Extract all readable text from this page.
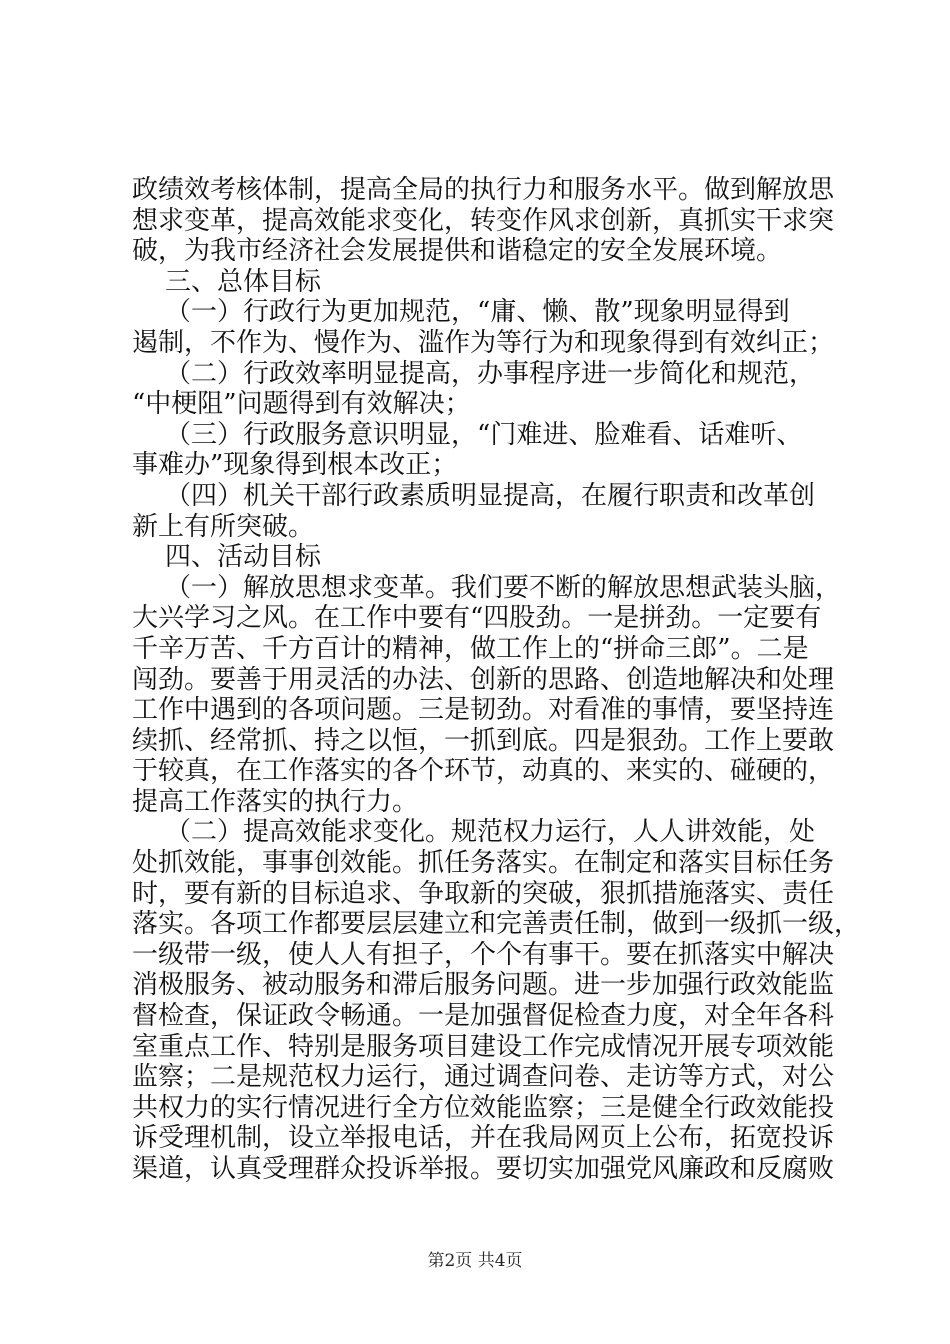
政绩效考核体制，提高全局的执行力和服务水平。做到解放思
想求变革，提高效能求变化，转变作风求创新，真抓实干求突
破，为我市经济社会发展提供和谐稳定的安全发展环境。
三、总体目标
（一）行政行为更加规范，“庸、懒、散”现象明显得到
遏制，不作为、慢作为、滥作为等行为和现象得到有效纠正；
（二）行政效率明显提高，办事程序进一步简化和规范，
“中梗阻”问题得到有效解决；
（三）行政服务意识明显，“门难进、脸难看、话难听、
事难办”现象得到根本改正；
（四）机关干部行政素质明显提高，在履行职责和改革创
新上有所突破。
四、活动目标
（一）解放思想求变革。我们要不断的解放思想武装头脑，
大兴学习之风。在工作中要有“四股劲。一是拼劲。一定要有
千辛万苦、千方百计的精神，做工作上的“拼命三郎”。二是
闯劲。要善于用灵活的办法、创新的思路、创造地解决和处理
工作中遇到的各项问题。三是韧劲。对看准的事情，要坚持连
续抓、经常抓、持之以恒，一抓到底。四是狠劲。工作上要敢
于较真，在工作落实的各个环节，动真的、来实的、碰硬的，
提高工作落实的执行力。
（二）提高效能求变化。规范权力运行，人人讲效能，处
处抓效能，事事创效能。抓任务落实。在制定和落实目标任务
时，要有新的目标追求、争取新的突破，狠抓措施落实、责任
落实。各项工作都要层层建立和完善责任制，做到一级抓一级，
一级带一级，使人人有担子，个个有事干。要在抓落实中解决
消极服务、被动服务和滞后服务问题。进一步加强行政效能监
督检查，保证政令畅通。一是加强督促检查力度，对全年各科
室重点工作、特别是服务项目建设工作完成情况开展专项效能
监察；二是规范权力运行，通过调查问卷、走访等方式，对公
共权力的实行情况进行全方位效能监察；三是健全行政效能投
诉受理机制，设立举报电话，并在我局网页上公布，拓宽投诉
渠道，认真受理群众投诉举报。要切实加强党风廉政和反腐败
第2页 共4页
